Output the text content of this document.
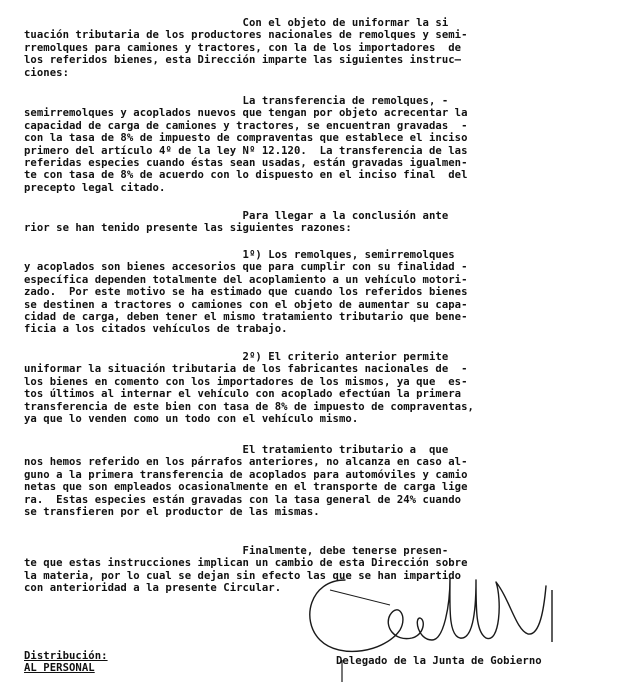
Con el objeto de uniformar la si
tuación tributaria de los productores nacionales de remolques y semi-
rremolques para camiones y tractores, con la de los importadores  de
los referidos bienes, esta Dirección imparte las siguientes instruc—
ciones:
La transferencia de remolques, -
semirremolques y acoplados nuevos que tengan por objeto acrecentar la
capacidad de carga de camiones y tractores, se encuentran gravadas  -
con la tasa de 8% de impuesto de compraventas que establece el inciso
primero del artículo 4º de la ley Nº 12.120.  La transferencia de las
referidas especies cuando éstas sean usadas, están gravadas igualmen-
te con tasa de 8% de acuerdo con lo dispuesto en el inciso final  del
precepto legal citado.
Para llegar a la conclusión ante
rior se han tenido presente las siguientes razones:
1º) Los remolques, semirremolques
y acoplados son bienes accesorios que para cumplir con su finalidad -
específica dependen totalmente del acoplamiento a un vehículo motori-
zado.  Por este motivo se ha estimado que cuando los referidos bienes
se destinen a tractores o camiones con el objeto de aumentar su capa-
cidad de carga, deben tener el mismo tratamiento tributario que bene-
ficia a los citados vehículos de trabajo.
2º) El criterio anterior permite
uniformar la situación tributaria de los fabricantes nacionales de  -
los bienes en comento con los importadores de los mismos, ya que  es-
tos últimos al internar el vehículo con acoplado efectúan la primera
transferencia de este bien con tasa de 8% de impuesto de compraventas,
ya que lo venden como un todo con el vehículo mismo.
El tratamiento tributario a  que
nos hemos referido en los párrafos anteriores, no alcanza en caso al-
guno a la primera transferencia de acoplados para automóviles y camio
netas que son empleados ocasionalmente en el transporte de carga lige
ra.  Estas especies están gravadas con la tasa general de 24% cuando
se transfieren por el productor de las mismas.
Finalmente, debe tenerse presen-
te que estas instrucciones implican un cambio de esta Dirección sobre
la materia, por lo cual se dejan sin efecto las que se han impartido
con anterioridad a la presente Circular.
Distribución:
AL PERSONAL
Delegado de la Junta de Gobierno
